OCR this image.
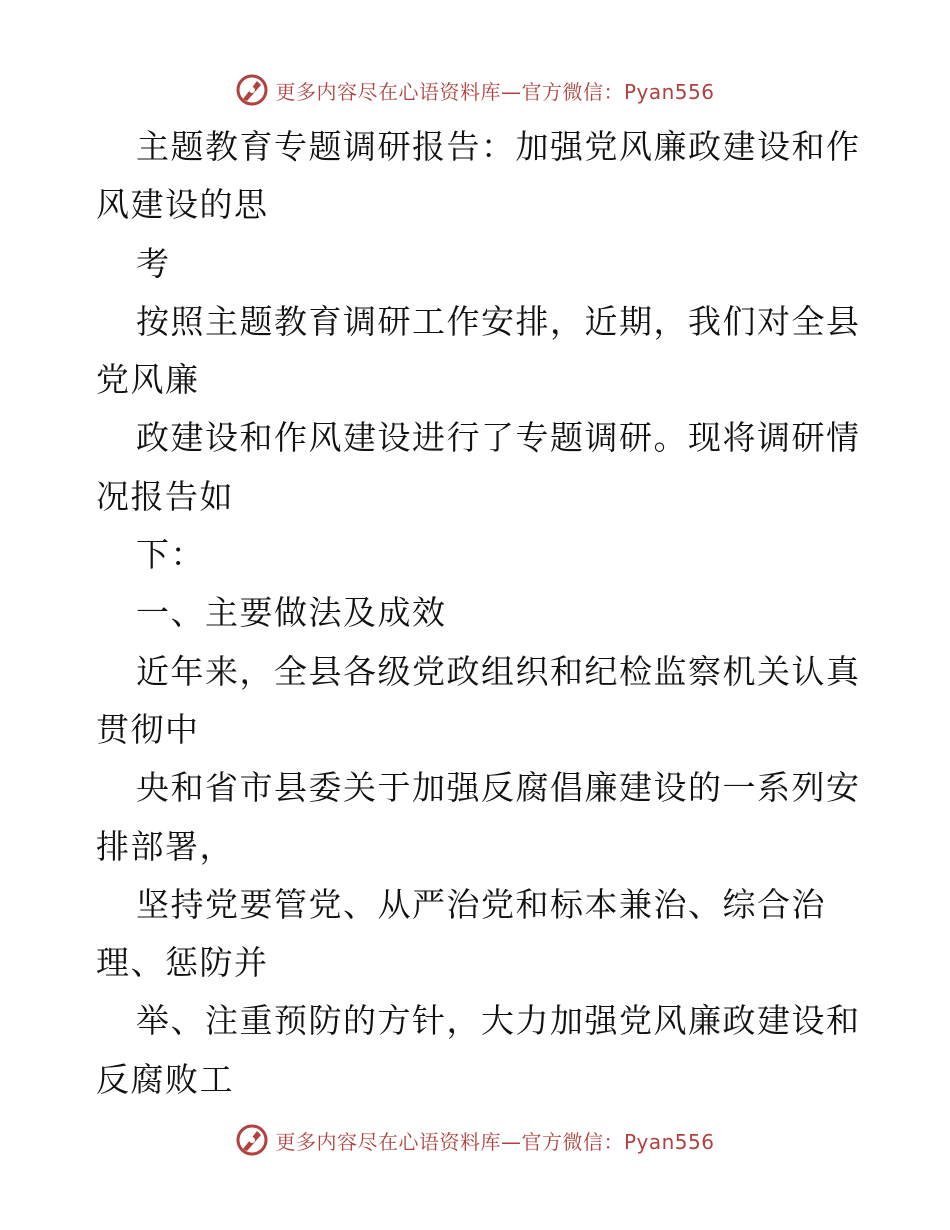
更多内容尽在心语资料库—官方微信：Pyan556
主题教育专题调研报告：加强党风廉政建设和作
风建设的思
考
按照主题教育调研工作安排，近期，我们对全县
党风廉
政建设和作风建设进行了专题调研。现将调研情
况报告如
下：
一、主要做法及成效
近年来，全县各级党政组织和纪检监察机关认真
贯彻中
央和省市县委关于加强反腐倡廉建设的一系列安
排部署，
坚持党要管党、从严治党和标本兼治、综合治
理、惩防并
举、注重预防的方针，大力加强党风廉政建设和
反腐败工
更多内容尽在心语资料库—官方微信：Pyan556
